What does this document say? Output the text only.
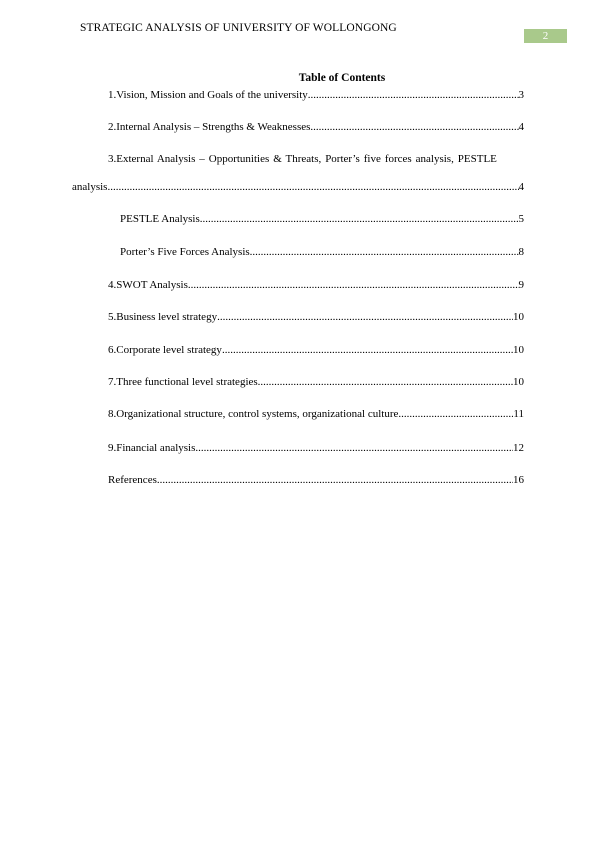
STRATEGIC ANALYSIS OF UNIVERSITY OF WOLLONGONG
2
Table of Contents
1.Vision, Mission and Goals of the university .....	3
2.Internal Analysis – Strengths & Weaknesses .....	4
3.External Analysis – Opportunities & Threats, Porter’s five forces analysis, PESTLE
analysis .....	4
PESTLE Analysis .....	5
Porter’s Five Forces Analysis .....	8
4.SWOT Analysis .....	9
5.Business level strategy .....	10
6.Corporate level strategy .....	10
7.Three functional level strategies .....	10
8.Organizational structure, control systems, organizational culture .....	11
9.Financial analysis .....	12
References .....	16
